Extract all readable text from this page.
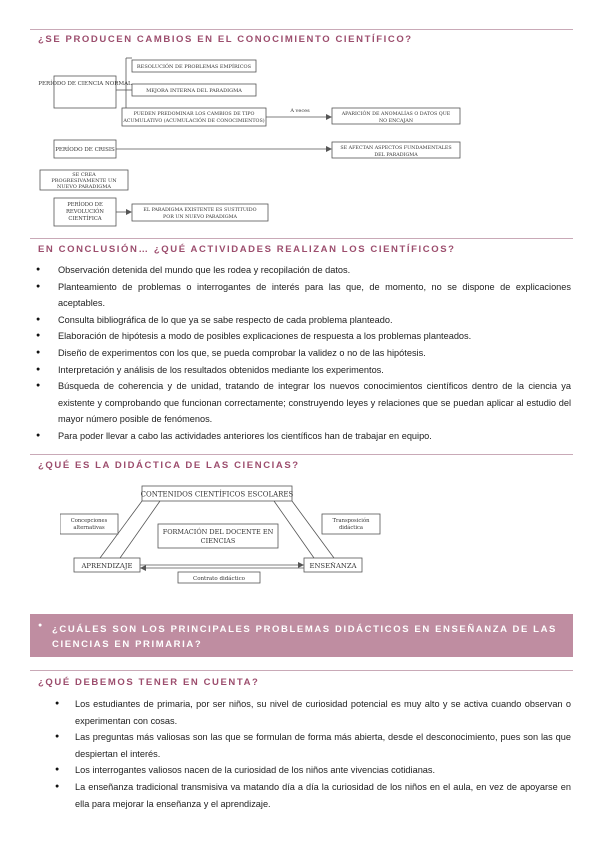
¿SE PRODUCEN CAMBIOS EN EL CONOCIMIENTO CIENTÍFICO?
PERÍODO DE CIENCIA NORMAL
PERÍODO DE CRISIS
SE CREA
PROGRESIVAMENTE UN
NUEVO PARADIGMA
PERÍODO DE
REVOLUCIÓN
CIENTÍFICA
RESOLUCIÓN DE PROBLEMAS EMPÍRICOS
MEJORA INTERNA DEL PARADIGMA
PUEDEN PREDOMINAR LOS CAMBIOS DE TIPO
ACUMULATIVO (ACUMULACIÓN DE CONOCIMIENTOS)
A veces
APARICIÓN DE ANOMALÍAS O DATOS QUE
NO ENCAJAN
SE AFECTAN ASPECTOS FUNDAMENTALES
DEL PARADIGMA
EL PARADIGMA EXISTENTE ES SUSTITUIDO
POR UN NUEVO PARADIGMA
EN CONCLUSIÓN… ¿QUÉ ACTIVIDADES REALIZAN LOS CIENTÍFICOS?
● Observación detenida del mundo que les rodea y recopilación de datos.
● Planteamiento de problemas o interrogantes de interés para las que, de momento, no se dispone de explicaciones aceptables.
● Consulta bibliográfica de lo que ya se sabe respecto de cada problema planteado.
● Elaboración de hipótesis a modo de posibles explicaciones de respuesta a los problemas planteados.
● Diseño de experimentos con los que, se pueda comprobar la validez o no de las hipótesis.
● Interpretación y análisis de los resultados obtenidos mediante los experimentos.
● Búsqueda de coherencia y de unidad, tratando de integrar los nuevos conocimientos científicos dentro de la ciencia ya existente y comprobando que funcionan correctamente; construyendo leyes y relaciones que se puedan aplicar al estudio del mayor número posible de fenómenos.
● Para poder llevar a cabo las actividades anteriores los científicos han de trabajar en equipo.
¿QUÉ ES LA DIDÁCTICA DE LAS CIENCIAS?
CONTENIDOS CIENTÍFICOS ESCOLARES
Concepciones
alternativas
Transposición
didáctica
FORMACIÓN DEL DOCENTE EN
CIENCIAS
APRENDIZAJE	ENSEÑANZA
Contrato didáctico
● ¿CUÁLES SON LOS PRINCIPALES PROBLEMAS DIDÁCTICOS EN ENSEÑANZA DE LAS CIENCIAS EN PRIMARIA?
¿QUÉ DEBEMOS TENER EN CUENTA?
● Los estudiantes de primaria, por ser niños, su nivel de curiosidad potencial es muy alto y se activa cuando observan o experimentan con cosas.
● Las preguntas más valiosas son las que se formulan de forma más abierta, desde el desconocimiento, pues son las que despiertan el interés.
● Los interrogantes valiosos nacen de la curiosidad de los niños ante vivencias cotidianas.
● La enseñanza tradicional transmisiva va matando día a día la curiosidad de los niños en el aula, en vez de apoyarse en ella para mejorar la enseñanza y el aprendizaje.
